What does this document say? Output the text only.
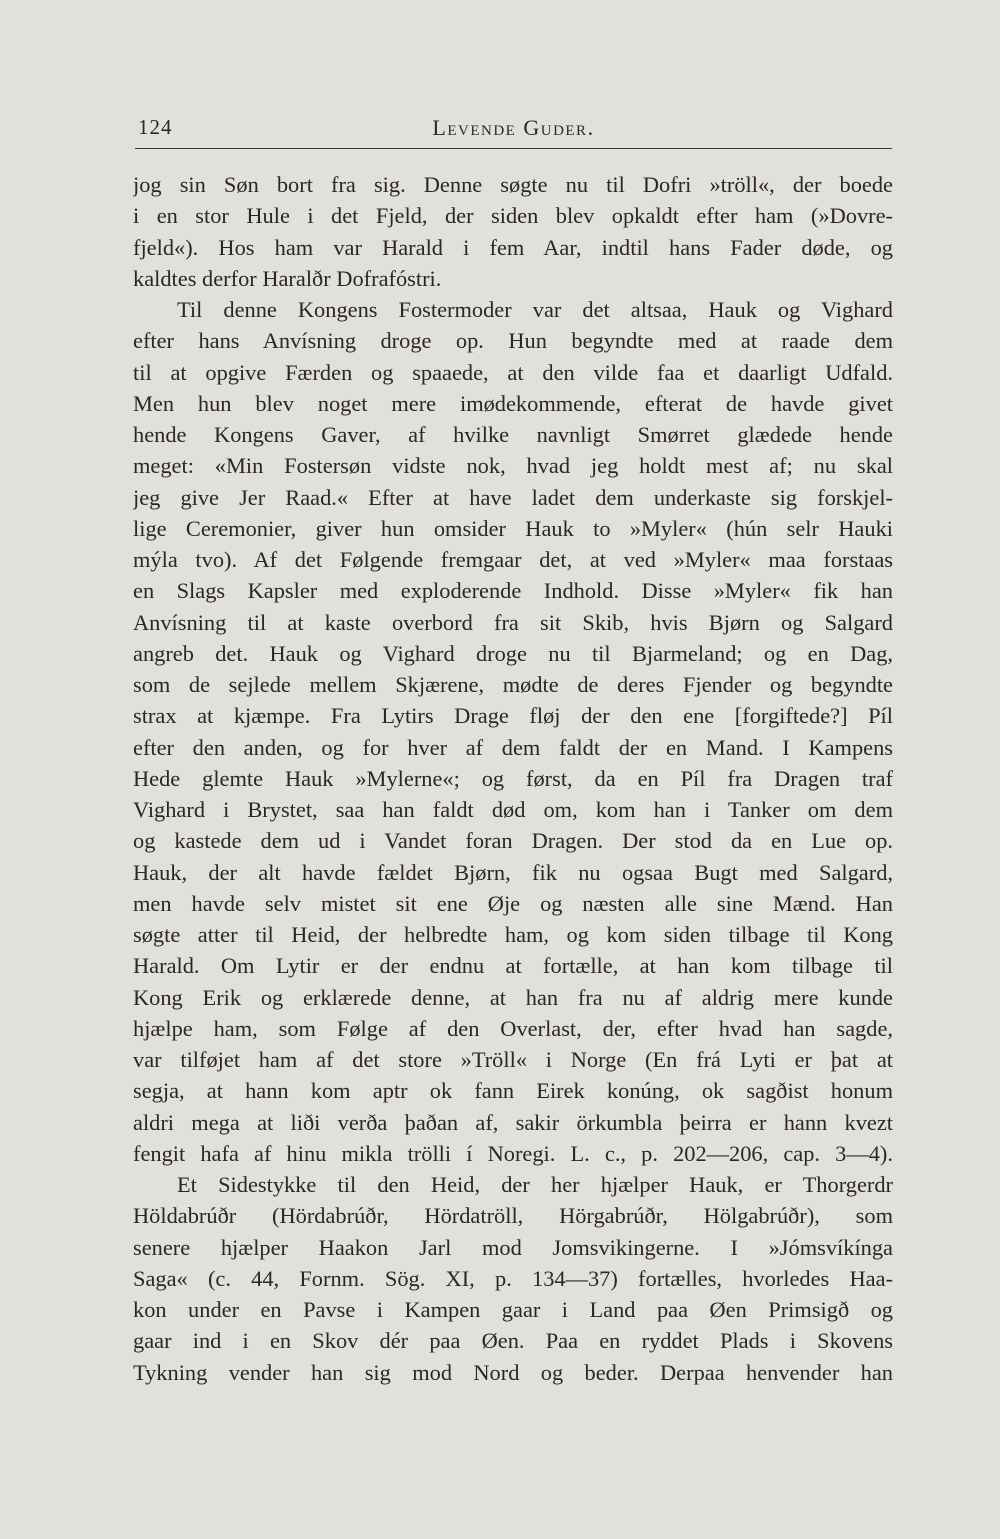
124	Levende Guder.
jog sin Søn bort fra sig. Denne søgte nu til Dofri »tröll«, der boede
i en stor Hule i det Fjeld, der siden blev opkaldt efter ham (»Dovre-
fjeld«). Hos ham var Harald i fem Aar, indtil hans Fader døde, og
kaldtes derfor Haralðr Dofrafóstri.
Til denne Kongens Fostermoder var det altsaa, Hauk og Vighard
efter hans Anvísning droge op. Hun begyndte med at raade dem
til at opgive Færden og spaaede, at den vilde faa et daarligt Udfald.
Men hun blev noget mere imødekommende, efterat de havde givet
hende Kongens Gaver, af hvilke navnligt Smørret glædede hende
meget: «Min Fostersøn vidste nok, hvad jeg holdt mest af; nu skal
jeg give Jer Raad.« Efter at have ladet dem underkaste sig forskjel-
lige Ceremonier, giver hun omsider Hauk to »Myler« (hún selr Hauki
mýla tvo). Af det Følgende fremgaar det, at ved »Myler« maa forstaas
en Slags Kapsler med exploderende Indhold. Disse »Myler« fik han
Anvísning til at kaste overbord fra sit Skib, hvis Bjørn og Salgard
angreb det. Hauk og Vighard droge nu til Bjarmeland; og en Dag,
som de sejlede mellem Skjærene, mødte de deres Fjender og begyndte
strax at kjæmpe. Fra Lytirs Drage fløj der den ene [forgiftede?] Píl
efter den anden, og for hver af dem faldt der en Mand. I Kampens
Hede glemte Hauk »Mylerne«; og først, da en Píl fra Dragen traf
Vighard i Brystet, saa han faldt død om, kom han i Tanker om dem
og kastede dem ud i Vandet foran Dragen. Der stod da en Lue op.
Hauk, der alt havde fældet Bjørn, fik nu ogsaa Bugt med Salgard,
men havde selv mistet sit ene Øje og næsten alle sine Mænd. Han
søgte atter til Heid, der helbredte ham, og kom siden tilbage til Kong
Harald. Om Lytir er der endnu at fortælle, at han kom tilbage til
Kong Erik og erklærede denne, at han fra nu af aldrig mere kunde
hjælpe ham, som Følge af den Overlast, der, efter hvad han sagde,
var tilføjet ham af det store »Tröll« i Norge (En frá Lyti er þat at
segja, at hann kom aptr ok fann Eirek konúng, ok sagðist honum
aldri mega at liði verða þaðan af, sakir örkumbla þeirra er hann kvezt
fengit hafa af hinu mikla trölli í Noregi. L. c., p. 202—206, cap. 3—4).
Et Sidestykke til den Heid, der her hjælper Hauk, er Thorgerdr
Höldabrúðr (Hördabrúðr, Hördatröll, Hörgabrúðr, Hölgabrúðr), som
senere hjælper Haakon Jarl mod Jomsvikingerne. I »Jómsvíkínga
Saga« (c. 44, Fornm. Sög. XI, p. 134—37) fortælles, hvorledes Haa-
kon under en Pavse i Kampen gaar i Land paa Øen Primsigð og
gaar ind i en Skov dér paa Øen. Paa en ryddet Plads i Skovens
Tykning vender han sig mod Nord og beder. Derpaa henvender han
